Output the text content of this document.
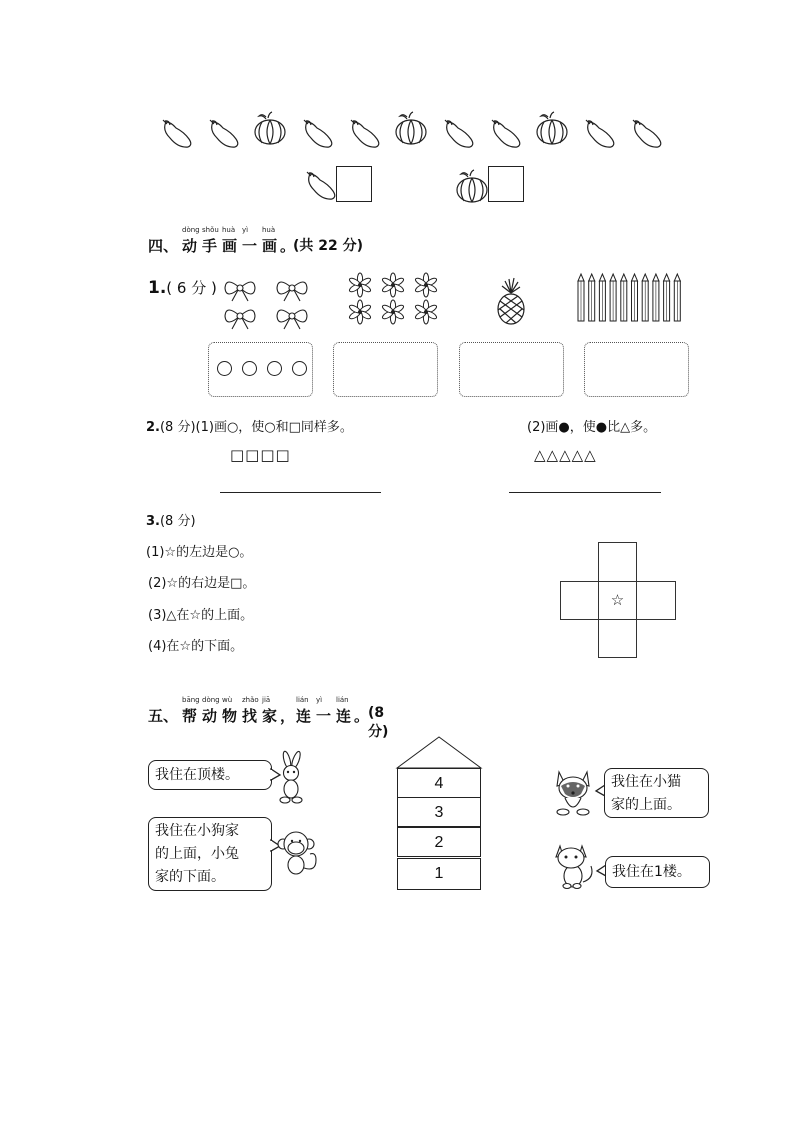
四、
dòng
动
shǒu
手
huà
画
yì
一
huà
画 。
(共 22 分)
1.( 6 分 )
2.(8 分)(1)画○，使○和□同样多。	(2)画●，使●比△多。
□□□□	△△△△△
3.(8 分)
(1)☆的左边是○。
(2)☆的右边是□。
(3)△在☆的上面。
(4)在☆的下面。
☆
五、
bāng
帮
dòng
动
wù
物
zhǎo
找
jiā
家 ，
lián
连
yì
一
lián
连 。
(8 分)
4
3
2
1
我住在顶楼。
我住在小狗家
的上面，小兔
家的下面。
我住在小猫
家的上面。
我住在1楼。
